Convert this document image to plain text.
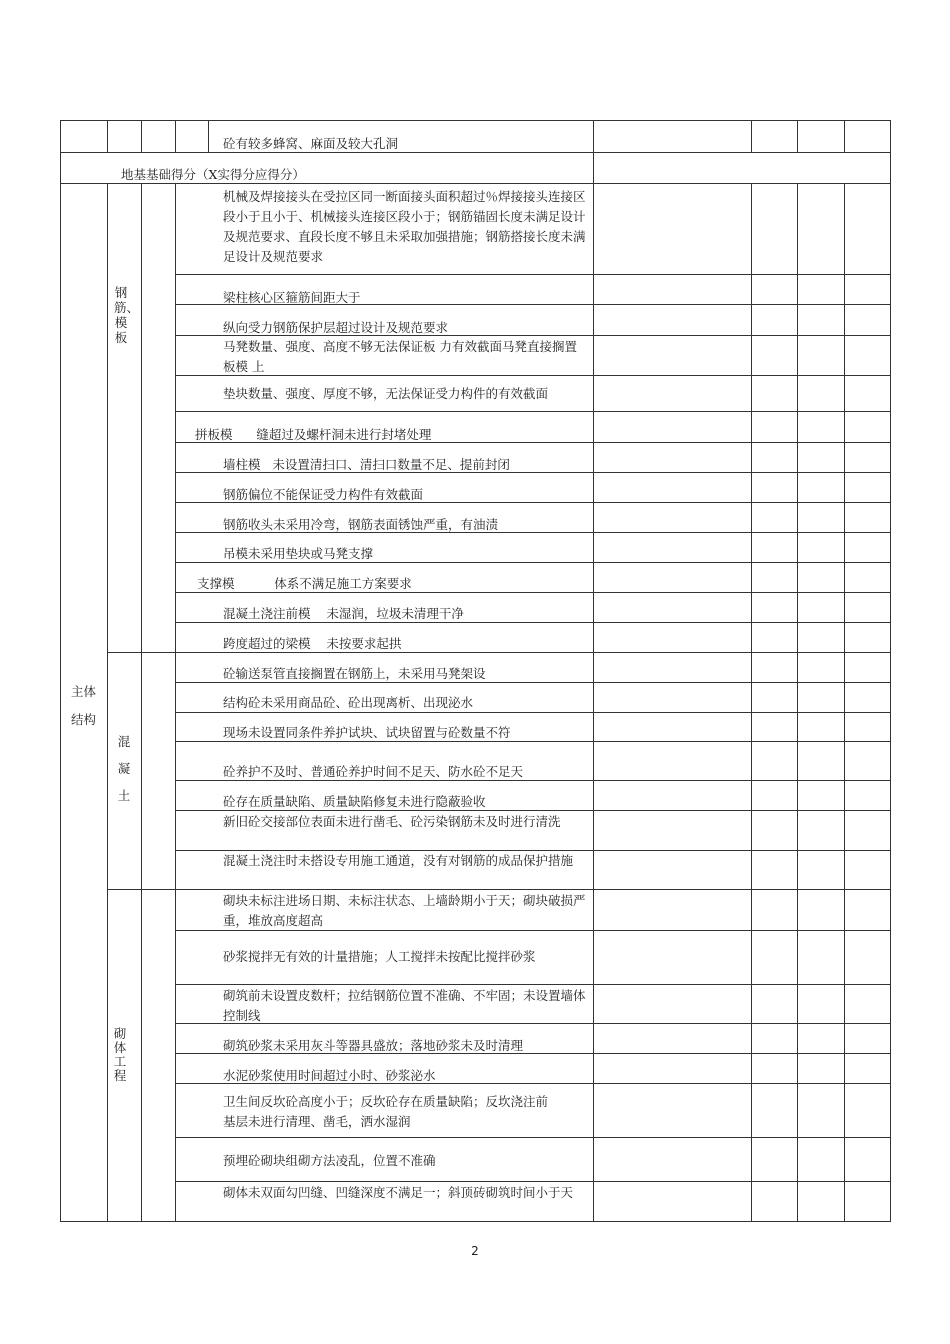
砼有较多蜂窝、麻面及较大孔洞
地基基础得分（X实得分应得分）
主体
结构
钢筋、模板
混凝土
砌体工程
机械及焊接接头在受拉区同一断面接头面积超过％焊接接头连接区段小于且小于、机械接头连接区段小于；钢筋锚固长度未满足设计及规范要求、直段长度不够且未采取加强措施；钢筋搭接长度未满足设计及规范要求
梁柱核心区箍筋间距大于
纵向受力钢筋保护层超过设计及规范要求
马凳数量、强度、高度不够无法保证板 力有效截面马凳直接搁置板模 上
垫块数量、强度、厚度不够，无法保证受力构件的有效截面
拼板模      缝超过及螺杆洞未进行封堵处理
墙柱模   未设置清扫口、清扫口数量不足、提前封闭
钢筋偏位不能保证受力构件有效截面
钢筋收头未采用冷弯，钢筋表面锈蚀严重，有油渍
吊模未采用垫块或马凳支撑
支撑模          体系不满足施工方案要求
混凝土浇注前模    未湿润，垃圾未清理干净
跨度超过的梁模    未按要求起拱
砼输送泵管直接搁置在钢筋上，未采用马凳架设
结构砼未采用商品砼、砼出现离析、出现泌水
现场未设置同条件养护试块、试块留置与砼数量不符
砼养护不及时、普通砼养护时间不足天、防水砼不足天
砼存在质量缺陷、质量缺陷修复未进行隐蔽验收
新旧砼交接部位表面未进行凿毛、砼污染钢筋未及时进行清洗
混凝土浇注时未搭设专用施工通道，没有对钢筋的成品保护措施
砌块未标注进场日期、未标注状态、上墙龄期小于天；砌块破损严重，堆放高度超高
砂浆搅拌无有效的计量措施；人工搅拌未按配比搅拌砂浆
砌筑前未设置皮数杆；拉结钢筋位置不准确、不牢固；未设置墙体控制线
砌筑砂浆未采用灰斗等器具盛放；落地砂浆未及时清理
水泥砂浆使用时间超过小时、砂浆泌水
卫生间反坎砼高度小于；反坎砼存在质量缺陷；反坎浇注前基层未进行清理、凿毛，洒水湿润
预埋砼砌块组砌方法凌乱，位置不准确
砌体未双面勾凹缝、凹缝深度不满足一；斜顶砖砌筑时间小于天
2
